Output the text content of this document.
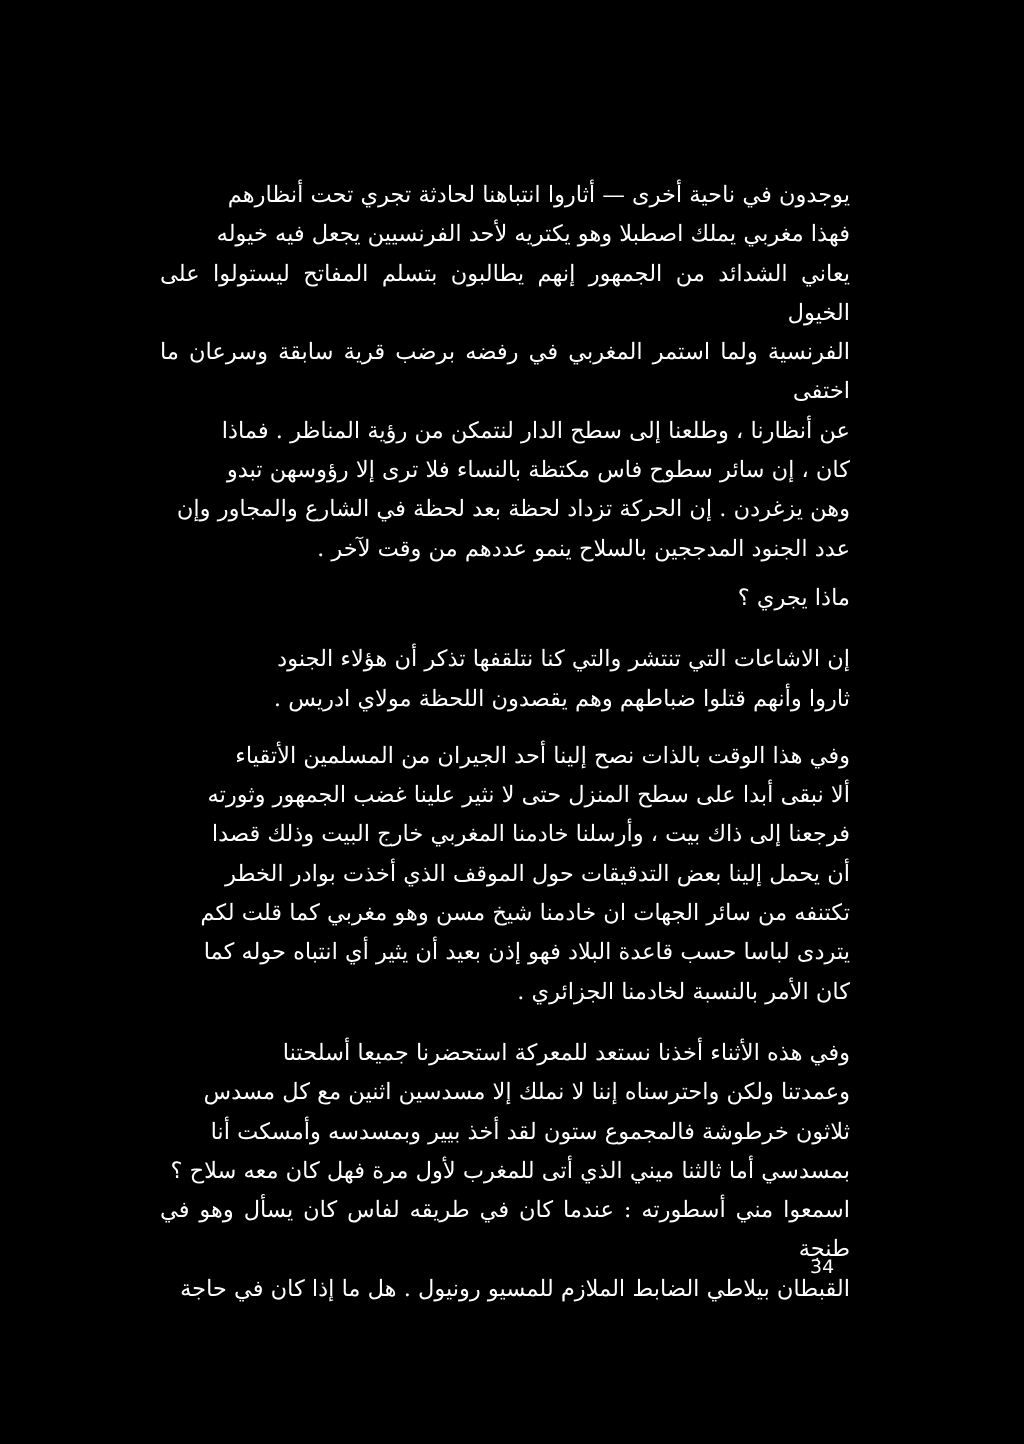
يوجدون في ناحية أخرى — أثاروا انتباهنا لحادثة تجري تحت أنظارهم
فهذا مغربي يملك اصطبلا وهو يكتريه لأحد الفرنسيين يجعل فيه خيوله
يعاني الشدائد من الجمهور إنهم يطالبون بتسلم المفاتح ليستولوا على الخيول
الفرنسية ولما استمر المغربي في رفضه برضب قرية سابقة وسرعان ما اختفى
عن أنظارنا ، وطلعنا إلى سطح الدار لنتمكن من رؤية المناظر . فماذا
كان ، إن سائر سطوح فاس مكتظة بالنساء فلا ترى إلا رؤوسهن تبدو
وهن يزغردن . إن الحركة تزداد لحظة بعد لحظة في الشارع والمجاور وإن
عدد الجنود المدججين بالسلاح ينمو عددهم من وقت لآخر .

ماذا يجري ؟

إن الاشاعات التي تنتشر والتي كنا نتلقفها تذكر أن هؤلاء الجنود
ثاروا وأنهم قتلوا ضباطهم وهم يقصدون اللحظة مولاي ادريس .

وفي هذا الوقت بالذات نصح إلينا أحد الجيران من المسلمين الأتقياء
ألا نبقى أبدا على سطح المنزل حتى لا نثير علينا غضب الجمهور وثورته
فرجعنا إلى ذاك بيت ، وأرسلنا خادمنا المغربي خارج البيت وذلك قصدا
أن يحمل إلينا بعض التدقيقات حول الموقف الذي أخذت بوادر الخطر
تكتنفه من سائر الجهات ان خادمنا شيخ مسن وهو مغربي كما قلت لكم
يتردى لباسا حسب قاعدة البلاد فهو إذن بعيد أن يثير أي انتباه حوله كما
كان الأمر بالنسبة لخادمنا الجزائري .

وفي هذه الأثناء أخذنا نستعد للمعركة استحضرنا جميعا أسلحتنا
وعمدتنا ولكن واحترسناه إننا لا نملك إلا مسدسين اثنين مع كل مسدس
ثلاثون خرطوشة فالمجموع ستون لقد أخذ بيير وبمسدسه وأمسكت أنا
بمسدسي أما ثالثنا ميني الذي أتى للمغرب لأول مرة فهل كان معه سلاح ؟
اسمعوا مني أسطورته : عندما كان في طريقه لفاس كان يسأل وهو في طنجة
القبطان بيلاطي الضابط الملازم للمسيو رونيول . هل ما إذا كان في حاجة

34
